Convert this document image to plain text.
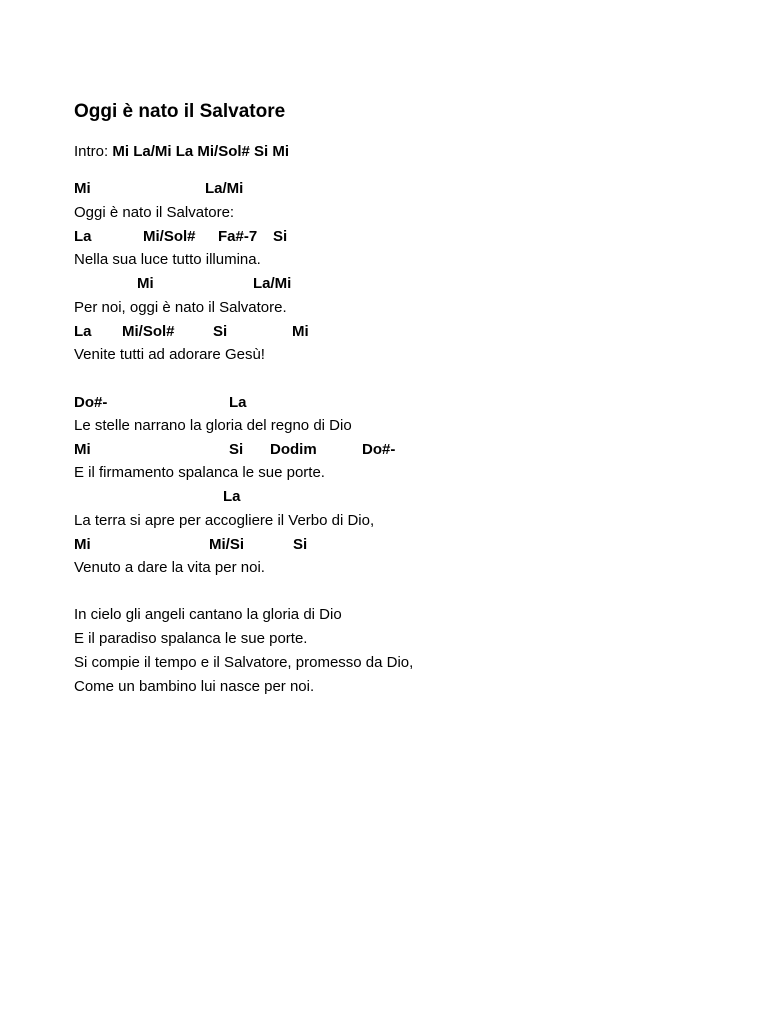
Oggi è nato il Salvatore
Intro: Mi La/Mi La Mi/Sol# Si Mi
Mi	La/Mi
Oggi è nato il Salvatore:
La	Mi/Sol# Fa#-7 Si
Nella sua luce tutto illumina.
Mi	La/Mi
Per noi, oggi è nato il Salvatore.
La Mi/Sol#	Si	Mi
Venite tutti ad adorare Gesù!
Do#-	La
Le stelle narrano la gloria del regno di Dio
Mi	Si Dodim	Do#-
E il firmamento spalanca le sue porte.
La
La terra si apre per accogliere il Verbo di Dio,
Mi	Mi/Si	Si
Venuto a dare la vita per noi.
In cielo gli angeli cantano la gloria di Dio
E il paradiso spalanca le sue porte.
Si compie il tempo e il Salvatore, promesso da Dio,
Come un bambino lui nasce per noi.
